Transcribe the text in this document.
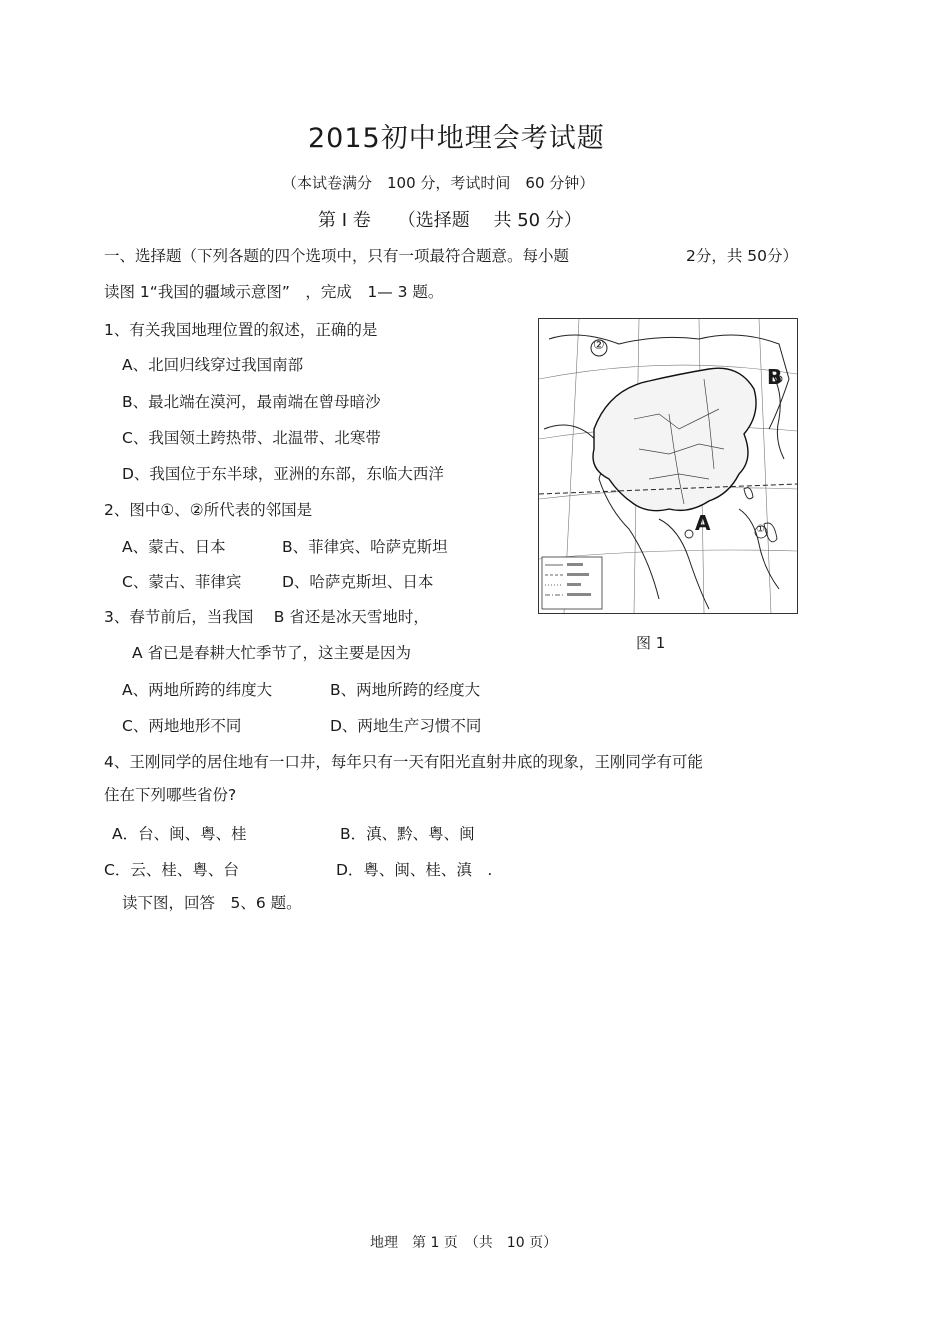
2015初中地理会考试题
（本试卷满分　100 分，考试时间　60 分钟）
第 I 卷　　（选择题　 共 50 分）
一、选择题（下列各题的四个选项中，只有一项最符合题意。每小题	2分，共 50分）
读图 1“我国的疆域示意图”　，完成　1— 3 题。
1、有关我国地理位置的叙述，正确的是
A、北回归线穿过我国南部
B、最北端在漠河，最南端在曾母暗沙
C、我国领土跨热带、北温带、北寒带
D、我国位于东半球，亚洲的东部，东临大西洋
2、图中①、②所代表的邻国是
A、蒙古、日本	B、菲律宾、哈萨克斯坦
C、蒙古、菲律宾	D、哈萨克斯坦、日本
3、春节前后，当我国　 B 省还是冰天雪地时，
A 省已是春耕大忙季节了，这主要是因为
A、两地所跨的纬度大	B、两地所跨的经度大
C、两地地形不同	D、两地生产习惯不同
4、王刚同学的居住地有一口井，每年只有一天有阳光直射井底的现象，王刚同学有可能
住在下列哪些省份?
A．台、闽、粤、桂	B．滇、黔、粤、闽
C．云、桂、粤、台	D．粤、闽、桂、滇　.
读下图，回答　5、6 题。
②
①
B
A
图 1
地理　第 1 页　（共　10 页）
